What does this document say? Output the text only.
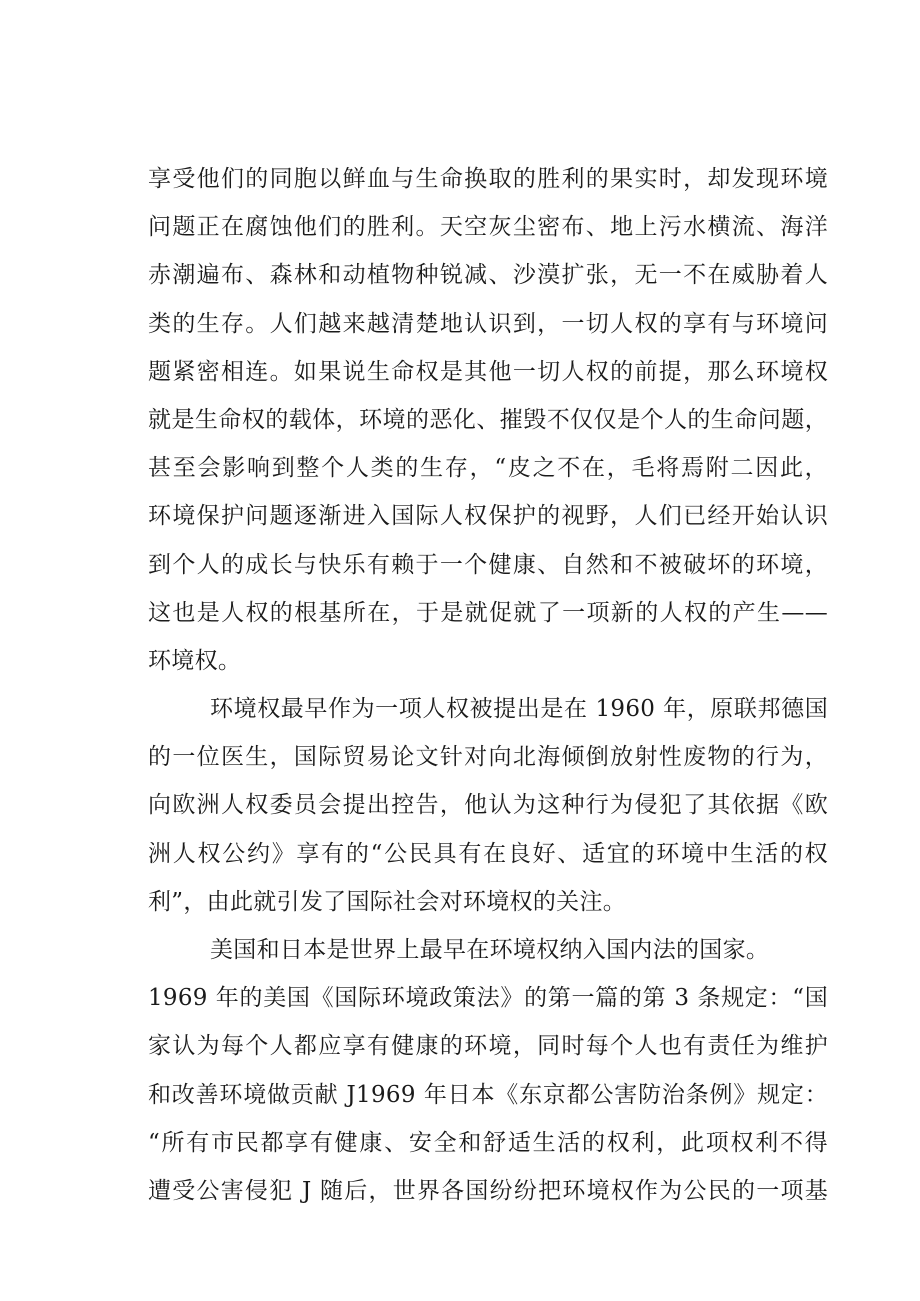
享受他们的同胞以鲜血与生命换取的胜利的果实时，却发现环境
问题正在腐蚀他们的胜利。天空灰尘密布、地上污水横流、海洋
赤潮遍布、森林和动植物种锐减、沙漠扩张，无一不在威胁着人
类的生存。人们越来越清楚地认识到，一切人权的享有与环境问
题紧密相连。如果说生命权是其他一切人权的前提，那么环境权
就是生命权的载体，环境的恶化、摧毁不仅仅是个人的生命问题，
甚至会影响到整个人类的生存，“皮之不在，毛将焉附二因此，
环境保护问题逐渐进入国际人权保护的视野，人们已经开始认识
到个人的成长与快乐有赖于一个健康、自然和不被破坏的环境，
这也是人权的根基所在，于是就促就了一项新的人权的产生——
环境权。
环境权最早作为一项人权被提出是在 1960 年，原联邦德国
的一位医生，国际贸易论文针对向北海倾倒放射性废物的行为，
向欧洲人权委员会提出控告，他认为这种行为侵犯了其依据《欧
洲人权公约》享有的“公民具有在良好、适宜的环境中生活的权
利”，由此就引发了国际社会对环境权的关注。
美国和日本是世界上最早在环境权纳入国内法的国家。
1969 年的美国《国际环境政策法》的第一篇的第 3 条规定：“国
家认为每个人都应享有健康的环境，同时每个人也有责任为维护
和改善环境做贡献 J1969 年日本《东京都公害防治条例》规定：
“所有市民都享有健康、安全和舒适生活的权利，此项权利不得
遭受公害侵犯 J 随后，世界各国纷纷把环境权作为公民的一项基
